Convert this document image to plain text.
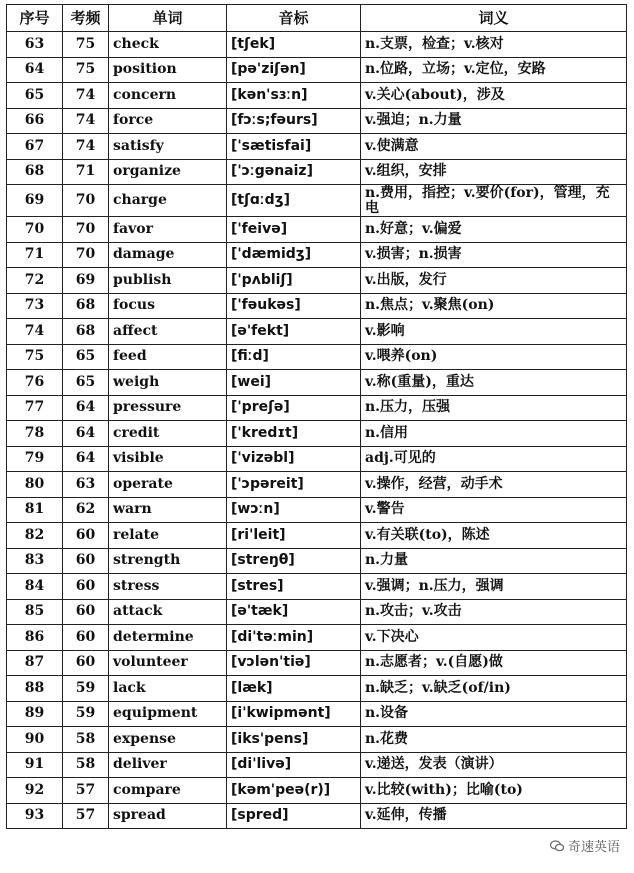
序号	考频	单词	音标	词义
63	75	check	[tʃek]	n.支票，检查；v.核对
64	75	position	[pə'ziʃən]	n.位路，立场；v.定位，安路
65	74	concern	[kən'sɜːn]	v.关心(about)，涉及
66	74	force	[fɔːs;fəurs]	v.强迫；n.力量
67	74	satisfy	['sætisfai]	v.使满意
68	71	organize	['ɔːgənaiz]	v.组织，安排
69	70	charge	[tʃɑːdʒ]	n.费用，指控；v.要价(for)，管理，充电
70	70	favor	['feivə]	n.好意；v.偏爱
71	70	damage	['dæmidʒ]	v.损害；n.损害
72	69	publish	['pʌbliʃ]	v.出版，发行
73	68	focus	['fəukəs]	n.焦点；v.聚焦(on)
74	68	affect	[ə'fekt]	v.影响
75	65	feed	[fiːd]	v.喂养(on)
76	65	weigh	[wei]	v.称(重量)，重达
77	64	pressure	['preʃə]	n.压力，压强
78	64	credit	['kredɪt]	n.信用
79	64	visible	['vizəbl]	adj.可见的
80	63	operate	['ɔpəreit]	v.操作，经营，动手术
81	62	warn	[wɔːn]	v.警告
82	60	relate	[ri'leit]	v.有关联(to)，陈述
83	60	strength	[streŋθ]	n.力量
84	60	stress	[stres]	v.强调；n.压力，强调
85	60	attack	[ə'tæk]	n.攻击；v.攻击
86	60	determine	[di'təːmin]	v.下决心
87	60	volunteer	[vɔlən'tiə]	n.志愿者；v.(自愿)做
88	59	lack	[læk]	n.缺乏；v.缺乏(of/in)
89	59	equipment	[i'kwipmənt]	n.设备
90	58	expense	[iks'pens]	n.花费
91	58	deliver	[di'livə]	v.递送，发表（演讲）
92	57	compare	[kəm'peə(r)]	v.比较(with)；比喻(to)
93	57	spread	[spred]	v.延伸，传播
奇速英语
